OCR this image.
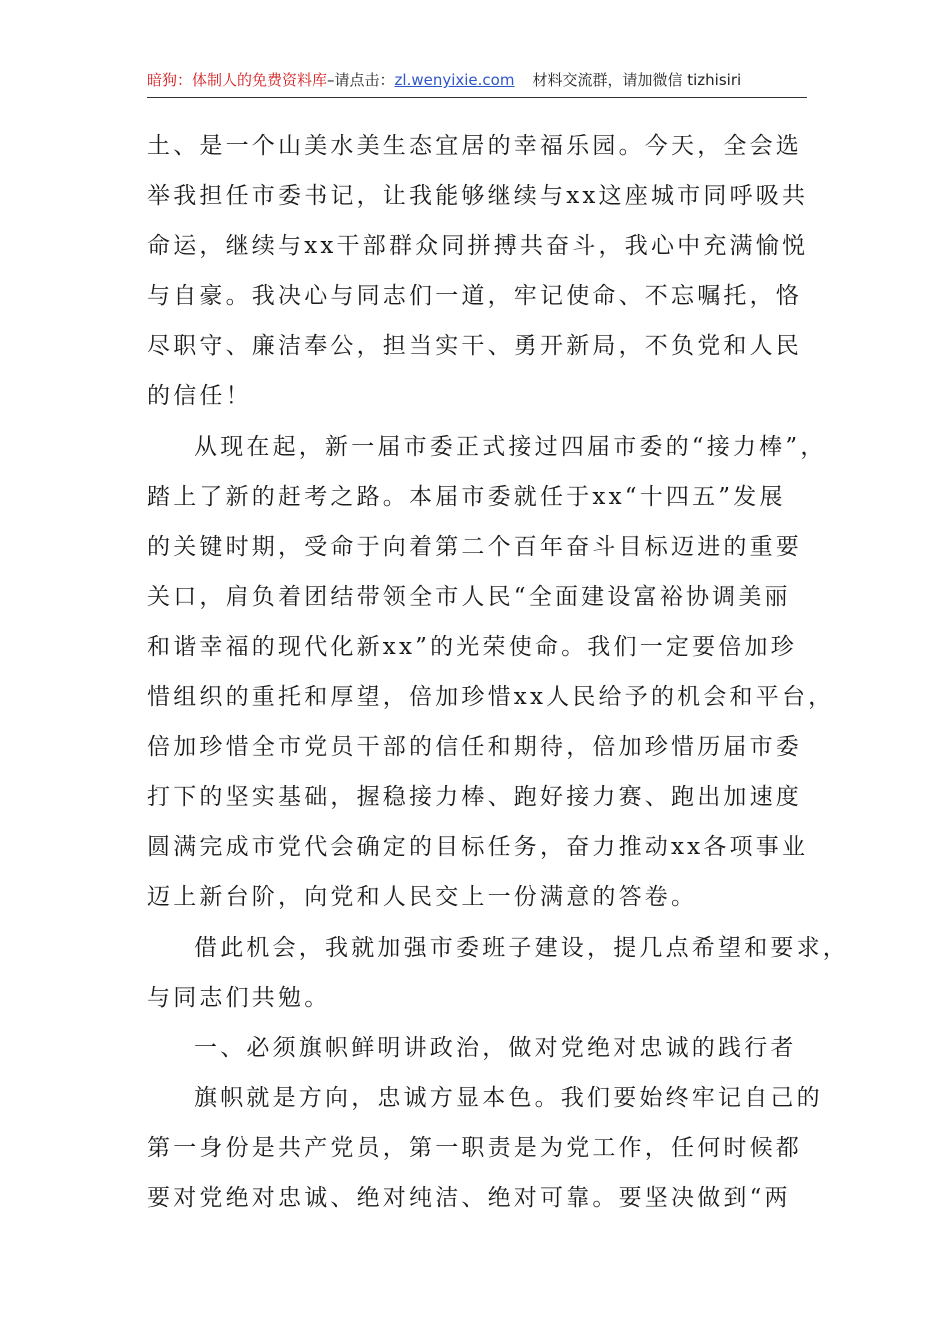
暗狗：体制人的免费资料库–请点击：zl.wenyixie.com 材料交流群，请加微信 tizhisiri
土、是一个山美水美生态宜居的幸福乐园。今天，全会选
举我担任市委书记，让我能够继续与xx这座城市同呼吸共
命运，继续与xx干部群众同拼搏共奋斗，我心中充满愉悦
与自豪。我决心与同志们一道，牢记使命、不忘嘱托，恪
尽职守、廉洁奉公，担当实干、勇开新局，不负党和人民
的信任！
从现在起，新一届市委正式接过四届市委的“接力棒”，
踏上了新的赶考之路。本届市委就任于xx“十四五”发展
的关键时期，受命于向着第二个百年奋斗目标迈进的重要
关口，肩负着团结带领全市人民“全面建设富裕协调美丽
和谐幸福的现代化新xx”的光荣使命。我们一定要倍加珍
惜组织的重托和厚望，倍加珍惜xx人民给予的机会和平台，
倍加珍惜全市党员干部的信任和期待，倍加珍惜历届市委
打下的坚实基础，握稳接力棒、跑好接力赛、跑出加速度
圆满完成市党代会确定的目标任务，奋力推动xx各项事业
迈上新台阶，向党和人民交上一份满意的答卷。
借此机会，我就加强市委班子建设，提几点希望和要求，
与同志们共勉。
一、必须旗帜鲜明讲政治，做对党绝对忠诚的践行者
旗帜就是方向，忠诚方显本色。我们要始终牢记自己的
第一身份是共产党员，第一职责是为党工作，任何时候都
要对党绝对忠诚、绝对纯洁、绝对可靠。要坚决做到“两
